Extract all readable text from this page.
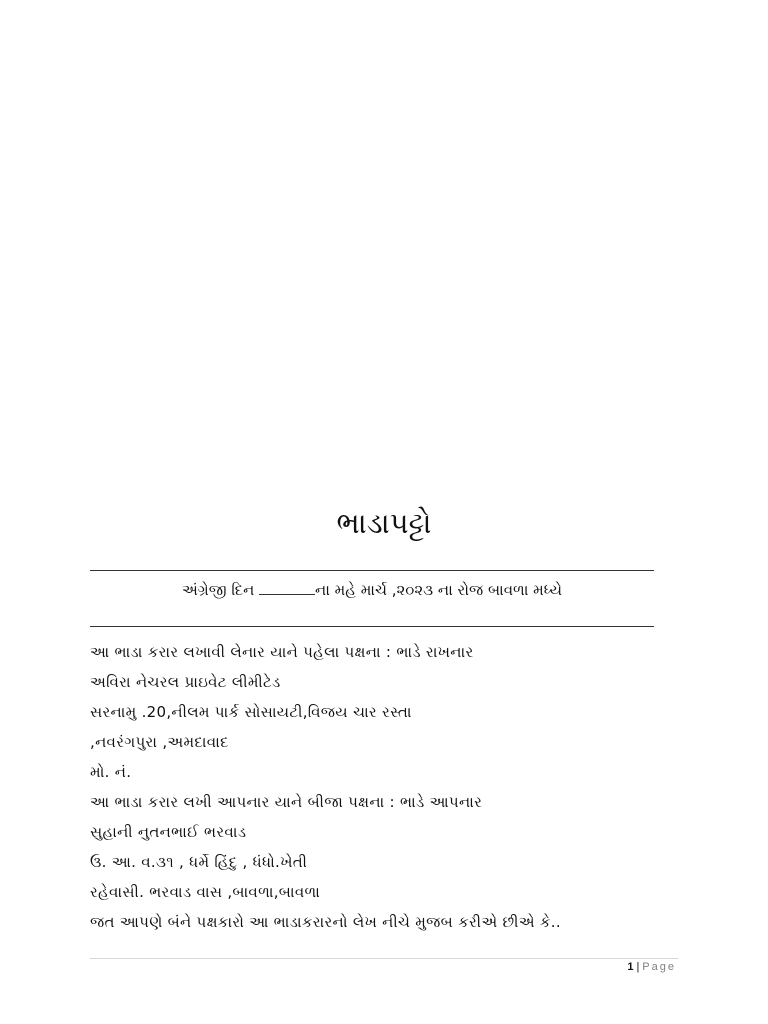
ભાડાપટ્ટો
અંગ્રેજી દિન	ના મહે માર્ચ ,૨૦૨૩ ના રોજ બાવળા મધ્યે
આ ભાડા કરાર લખાવી લેનાર યાને પહેલા પક્ષના : ભાડે રાખનાર
અવિરા નેચરલ પ્રાઇવેટ લીમીટેડ
સરનામુ .20,નીલમ પાર્ક સોસાયટી,વિજય ચાર રસ્તા
,નવરંગપુરા ,અમદાવાદ
મો. નં.
આ ભાડા કરાર લખી આપનાર યાને બીજા પક્ષના : ભાડે આપનાર
સુહાની નુતનભાઈ ભરવાડ
ઉ. આ. વ.૩૧ , ધર્મે હિંદુ , ધંધો.ખેતી
રહેવાસી. ભરવાડ વાસ ,બાવળા,બાવળા
જત આપણે બંને પક્ષકારો આ ભાડાકરારનો લેખ નીચે મુજબ કરીએ છીએ કે..
1 | Page
